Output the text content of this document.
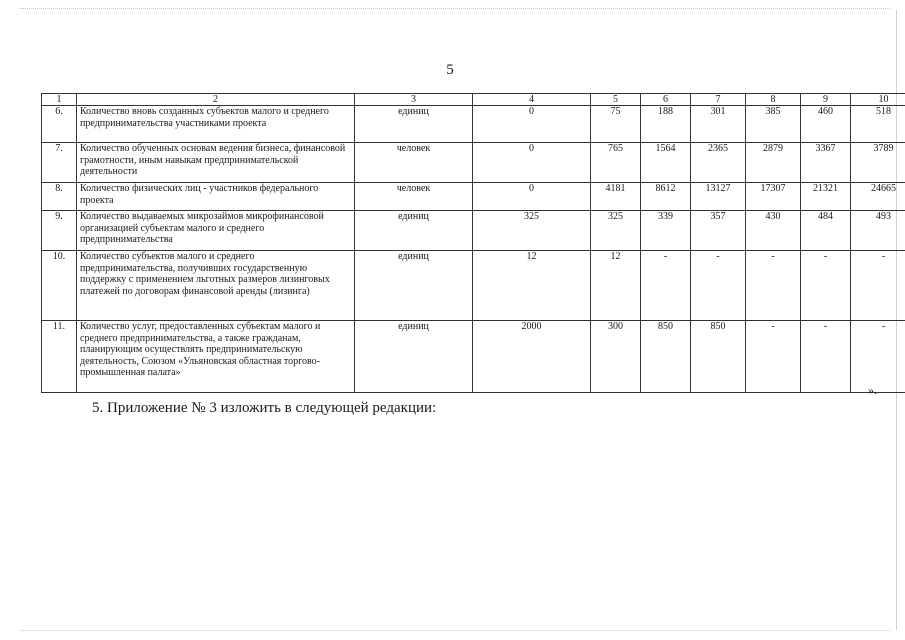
5
1	2	3	4	5	6	7	8	9	10
6.	Количество вновь созданных субъектов малого и среднего предпринимательства участниками проекта	единиц	0	75	188	301	385	460	518
7.	Количество обученных основам ведения бизнеса, финансовой грамотности, иным навыкам предпринимательской деятельности	человек	0	765	1564	2365	2879	3367	3789
8.	Количество физических лиц - участников федерального проекта	человек	0	4181	8612	13127	17307	21321	24665
9.	Количество выдаваемых микрозаймов микрофинансовой организацией субъектам малого и среднего предпринимательства	единиц	325	325	339	357	430	484	493
10.	Количество субъектов малого и среднего предпринимательства, получивших государственную поддержку с применением льготных размеров лизинговых платежей по договорам финансовой аренды (лизинга)	единиц	12	12	-	-	-	-	-
11.	Количество услуг, предоставленных субъектам малого и среднего предпринимательства, а также гражданам, планирующим осуществлять предпринимательскую деятельность, Союзом «Ульяновская областная торгово-промышленная палата»	единиц	2000	300	850	850	-	-	-
».
5. Приложение № 3 изложить в следующей редакции:
